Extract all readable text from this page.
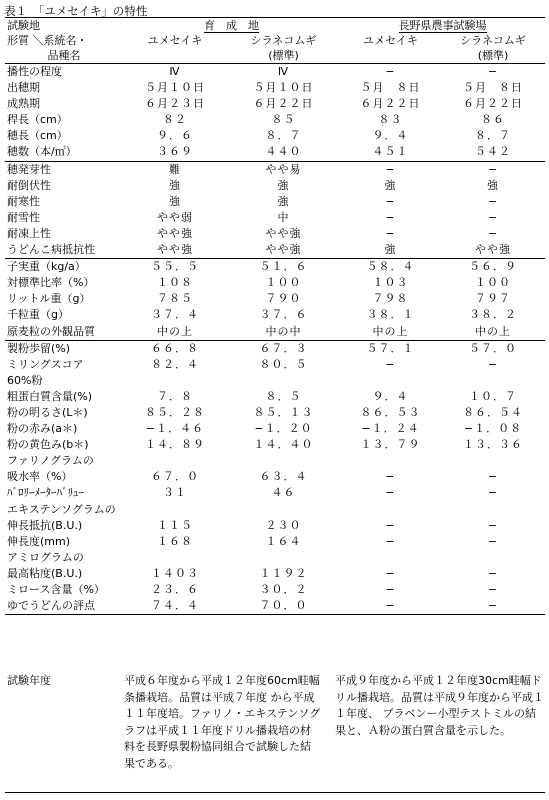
表１　「ユメセイキ」の特性
試験地	育　成　地		長野県農事試験場	
形質 ＼系統名・	ユメセイキ	シラネコムギ	ユメセイキ	シラネコムギ
品種名		(標準)		(標準)
播性の程度	Ⅳ	Ⅳ	−	−
出穂期	５月１０日	５月１０日	５月　８日	５月　８日
成熟期	６月２３日	６月２２日	６月２２日	６月２２日
稈長（cm）	８２	８５	８３	８６
穂長（cm）	９．６	８．７	９．４	８．７
穂数（本/㎡）	３６９	４４０	４５１	５４２
穂発芽性	難	やや易	−	−
耐倒伏性	強	強	強	強
耐寒性	強	強	−	−
耐雪性	やや弱	中	−	−
耐凍上性	やや強	やや強	−	−
うどんこ病抵抗性	やや強	やや強	強	やや強
子実重（kg/a）	５５．５	５１．６	５８．４	５６．９
対標準比率（%）	１０８	１００	１０３	１００
リットル重（g）	７８５	７９０	７９８	７９７
千粒重（g）	３７．４	３７．６	３８．１	３８．２
原麦粒の外観品質	中の上	中の中	中の上	中の上
製粉歩留(%)	６６．８	６７．３	５７．１	５７．０
ミリングスコア	８２．４	８０．５	−	−
60%粉				
粗蛋白質含量(%)	７．８	８．５	９．４	１０．７
粉の明るさ(L＊)	８５．２８	８５．１３	８６．５３	８６．５４
粉の赤み(a＊)	−１．４６	−１．２０	−１．２４	−１．０８
粉の黄色み(b＊)	１４．８９	１４．４０	１３．７９	１３．３６
ファリノグラムの				
吸水率（%）	６７．０	６３．４	−	−
ﾊﾞﾛﾘｰﾒｰﾀｰﾊﾞﾘｭｰ	３１	４６	−	−
エキステンソグラムの				
伸長抵抗(B.U.)	１１５	２３０	−	−
伸長度(mm)	１６８	１６４	−	−
アミログラムの				
最高粘度(B.U.)	１４０３	１１９２	−	−
ミロース含量（%）	２３．６	３０．２	−	−
ゆでうどんの評点	７４．４	７０．０	−	−
試験年度	平成６年度から平成１２年度60cm畦幅条播栽培。品質は平成７年度 から平成１１年度培。ファリノ・エキステンソグラフは平成１１年度ドリル播栽培の材料を長野県製粉協同組合で試験した結果である。	平成９年度から平成１２年度30cm畦幅ドリル播栽培。品質は平成９年度から平成１１年度、 ブラベンー小型テストミルの結果と、Ａ粉の蛋白質含量を示した。
